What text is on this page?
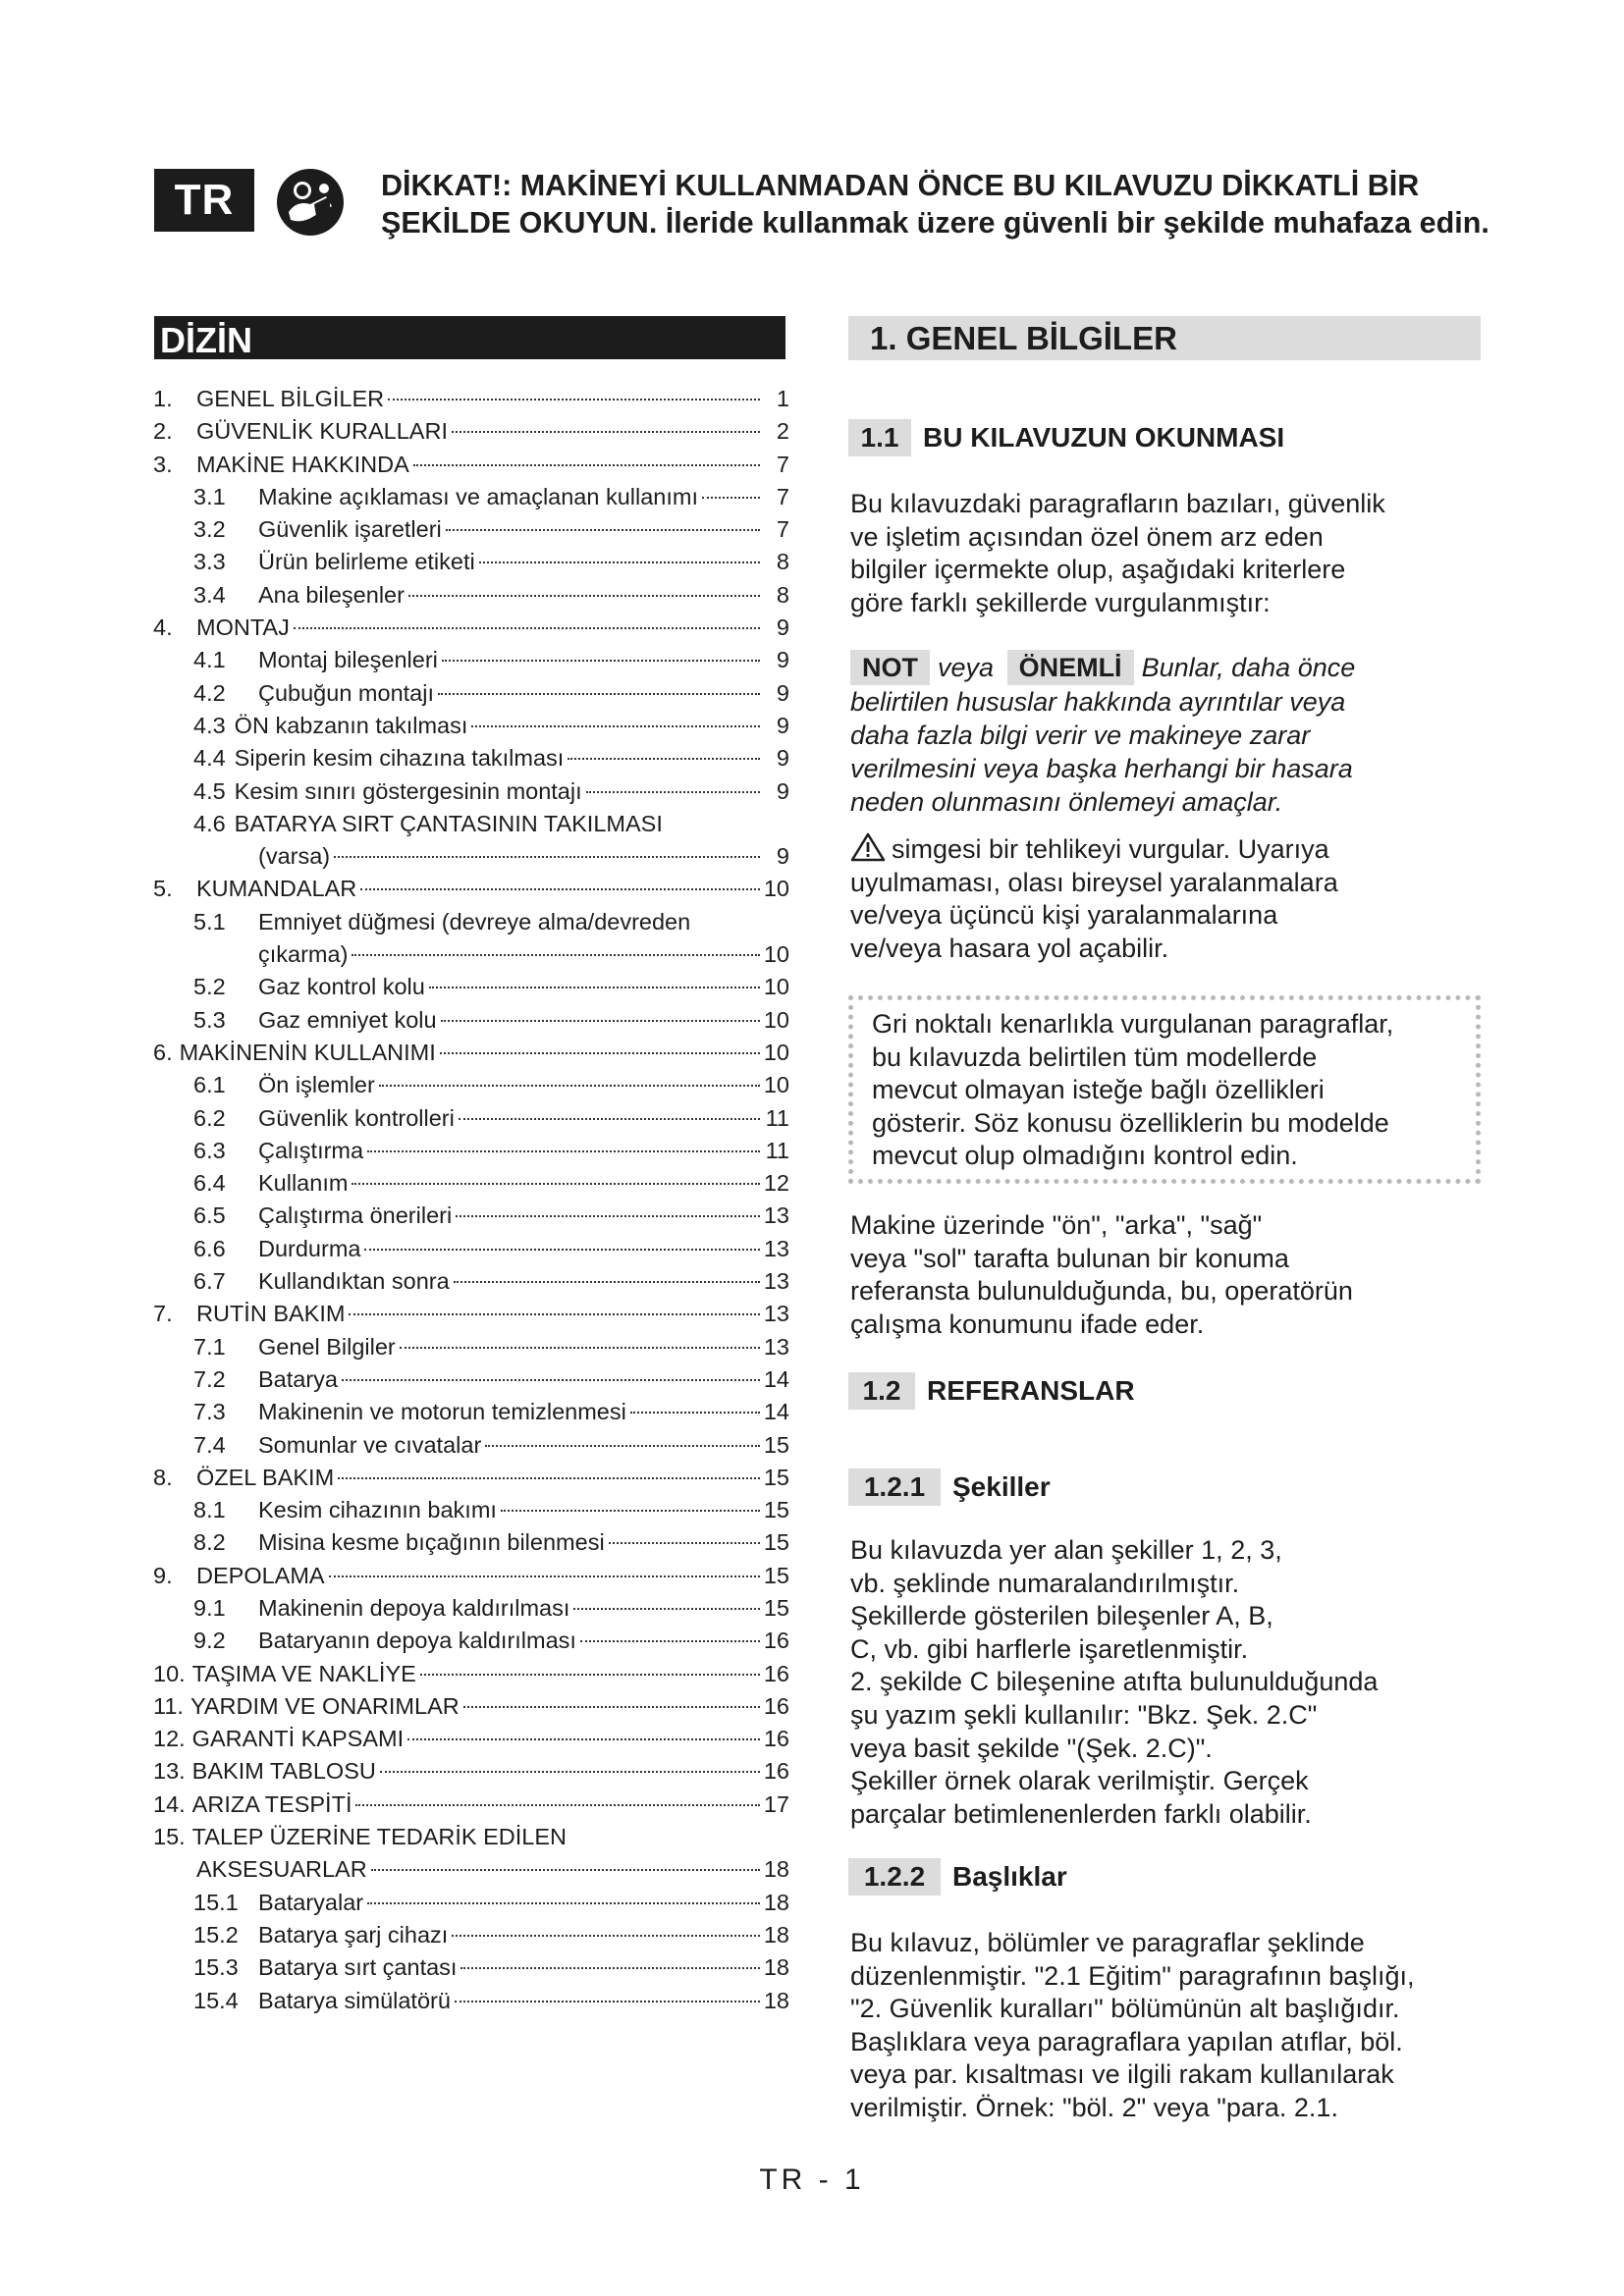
TR	DİKKAT!: MAKİNEYİ KULLANMADAN ÖNCE BU KILAVUZU DİKKATLİ BİR
ŞEKİLDE OKUYUN. İleride kullanmak üzere güvenli bir şekilde muhafaza edin.
DİZİN
1.	GENEL BİLGİLER	1
2.	GÜVENLİK KURALLARI	2
3.	MAKİNE HAKKINDA	7
3.1	Makine açıklaması ve amaçlanan kullanımı	7
3.2	Güvenlik işaretleri	7
3.3	Ürün belirleme etiketi	8
3.4	Ana bileşenler	8
4.	MONTAJ	9
4.1	Montaj bileşenleri	9
4.2	Çubuğun montajı	9
4.3 ÖN kabzanın takılması	9
4.4 Siperin kesim cihazına takılması	9
4.5 Kesim sınırı göstergesinin montajı	9
4.6 BATARYA SIRT ÇANTASININ TAKILMASI
(varsa)	9
5.	KUMANDALAR	10
5.1	Emniyet düğmesi (devreye alma/devreden
çıkarma)	10
5.2	Gaz kontrol kolu	10
5.3	Gaz emniyet kolu	10
6. MAKİNENİN KULLANIMI	10
6.1	Ön işlemler	10
6.2	Güvenlik kontrolleri	11
6.3	Çalıştırma	11
6.4	Kullanım	12
6.5	Çalıştırma önerileri	13
6.6	Durdurma	13
6.7	Kullandıktan sonra	13
7.	RUTİN BAKIM	13
7.1	Genel Bilgiler	13
7.2	Batarya	14
7.3	Makinenin ve motorun temizlenmesi	14
7.4	Somunlar ve cıvatalar	15
8.	ÖZEL BAKIM	15
8.1	Kesim cihazının bakımı	15
8.2	Misina kesme bıçağının bilenmesi	15
9.	DEPOLAMA	15
9.1	Makinenin depoya kaldırılması	15
9.2	Bataryanın depoya kaldırılması	16
10. TAŞIMA VE NAKLİYE	16
11. YARDIM VE ONARIMLAR	16
12. GARANTİ KAPSAMI	16
13. BAKIM TABLOSU	16
14. ARIZA TESPİTİ	17
15. TALEP ÜZERİNE TEDARİK EDİLEN
AKSESUARLAR	18
15.1 Bataryalar	18
15.2 Batarya şarj cihazı	18
15.3 Batarya sırt çantası	18
15.4 Batarya simülatörü	18
1. GENEL BİLGİLER
1.1 BU KILAVUZUN OKUNMASI
Bu kılavuzdaki paragrafların bazıları, güvenlik
ve işletim açısından özel önem arz eden
bilgiler içermekte olup, aşağıdaki kriterlere
göre farklı şekillerde vurgulanmıştır:
NOT veya ÖNEMLİ Bunlar, daha önce
belirtilen hususlar hakkında ayrıntılar veya
daha fazla bilgi verir ve makineye zarar
verilmesini veya başka herhangi bir hasara
neden olunmasını önlemeyi amaçlar.
simgesi bir tehlikeyi vurgular. Uyarıya
uyulmaması, olası bireysel yaralanmalara
ve/veya üçüncü kişi yaralanmalarına
ve/veya hasara yol açabilir.
Gri noktalı kenarlıkla vurgulanan paragraflar,
bu kılavuzda belirtilen tüm modellerde
mevcut olmayan isteğe bağlı özellikleri
gösterir. Söz konusu özelliklerin bu modelde
mevcut olup olmadığını kontrol edin.
Makine üzerinde "ön", "arka", "sağ"
veya "sol" tarafta bulunan bir konuma
referansta bulunulduğunda, bu, operatörün
çalışma konumunu ifade eder.
1.2 REFERANSLAR
1.2.1 Şekiller
Bu kılavuzda yer alan şekiller 1, 2, 3,
vb. şeklinde numaralandırılmıştır.
Şekillerde gösterilen bileşenler A, B,
C, vb. gibi harflerle işaretlenmiştir.
2. şekilde C bileşenine atıfta bulunulduğunda
şu yazım şekli kullanılır: "Bkz. Şek. 2.C"
veya basit şekilde "(Şek. 2.C)".
Şekiller örnek olarak verilmiştir. Gerçek
parçalar betimlenenlerden farklı olabilir.
1.2.2 Başlıklar
Bu kılavuz, bölümler ve paragraflar şeklinde
düzenlenmiştir. "2.1 Eğitim" paragrafının başlığı,
"2. Güvenlik kuralları" bölümünün alt başlığıdır.
Başlıklara veya paragraflara yapılan atıflar, böl.
veya par. kısaltması ve ilgili rakam kullanılarak
verilmiştir. Örnek: "böl. 2" veya "para. 2.1.
TR - 1
